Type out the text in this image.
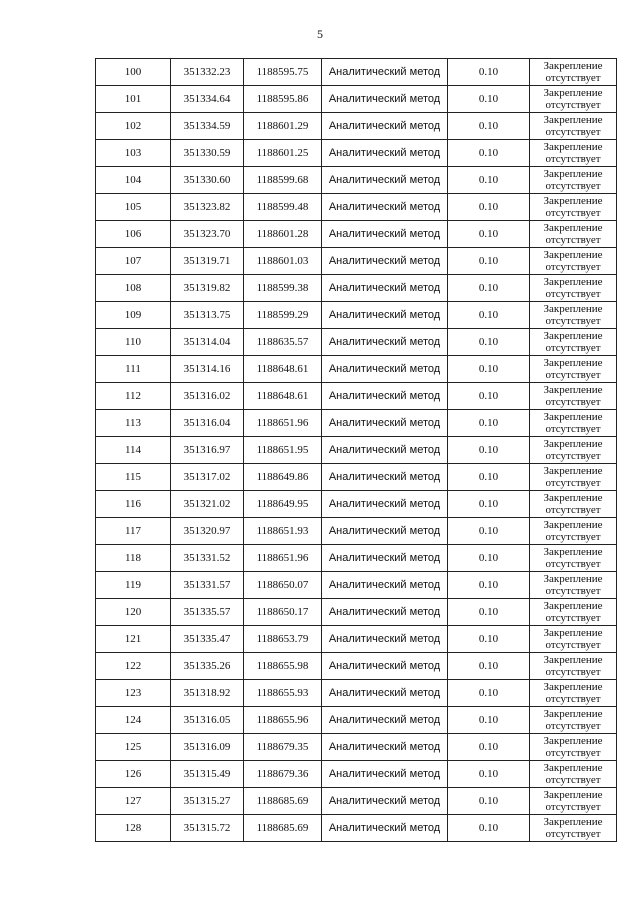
5
100	351332.23	1188595.75	Аналитический метод	0.10	Закрепление
отсутствует

101	351334.64	1188595.86	Аналитический метод	0.10	Закрепление
отсутствует

102	351334.59	1188601.29	Аналитический метод	0.10	Закрепление
отсутствует

103	351330.59	1188601.25	Аналитический метод	0.10	Закрепление
отсутствует

104	351330.60	1188599.68	Аналитический метод	0.10	Закрепление
отсутствует

105	351323.82	1188599.48	Аналитический метод	0.10	Закрепление
отсутствует

106	351323.70	1188601.28	Аналитический метод	0.10	Закрепление
отсутствует

107	351319.71	1188601.03	Аналитический метод	0.10	Закрепление
отсутствует

108	351319.82	1188599.38	Аналитический метод	0.10	Закрепление
отсутствует

109	351313.75	1188599.29	Аналитический метод	0.10	Закрепление
отсутствует

110	351314.04	1188635.57	Аналитический метод	0.10	Закрепление
отсутствует

111	351314.16	1188648.61	Аналитический метод	0.10	Закрепление
отсутствует

112	351316.02	1188648.61	Аналитический метод	0.10	Закрепление
отсутствует

113	351316.04	1188651.96	Аналитический метод	0.10	Закрепление
отсутствует

114	351316.97	1188651.95	Аналитический метод	0.10	Закрепление
отсутствует

115	351317.02	1188649.86	Аналитический метод	0.10	Закрепление
отсутствует

116	351321.02	1188649.95	Аналитический метод	0.10	Закрепление
отсутствует

117	351320.97	1188651.93	Аналитический метод	0.10	Закрепление
отсутствует

118	351331.52	1188651.96	Аналитический метод	0.10	Закрепление
отсутствует

119	351331.57	1188650.07	Аналитический метод	0.10	Закрепление
отсутствует

120	351335.57	1188650.17	Аналитический метод	0.10	Закрепление
отсутствует

121	351335.47	1188653.79	Аналитический метод	0.10	Закрепление
отсутствует

122	351335.26	1188655.98	Аналитический метод	0.10	Закрепление
отсутствует

123	351318.92	1188655.93	Аналитический метод	0.10	Закрепление
отсутствует

124	351316.05	1188655.96	Аналитический метод	0.10	Закрепление
отсутствует

125	351316.09	1188679.35	Аналитический метод	0.10	Закрепление
отсутствует

126	351315.49	1188679.36	Аналитический метод	0.10	Закрепление
отсутствует

127	351315.27	1188685.69	Аналитический метод	0.10	Закрепление
отсутствует

128	351315.72	1188685.69	Аналитический метод	0.10	Закрепление
отсутствует
